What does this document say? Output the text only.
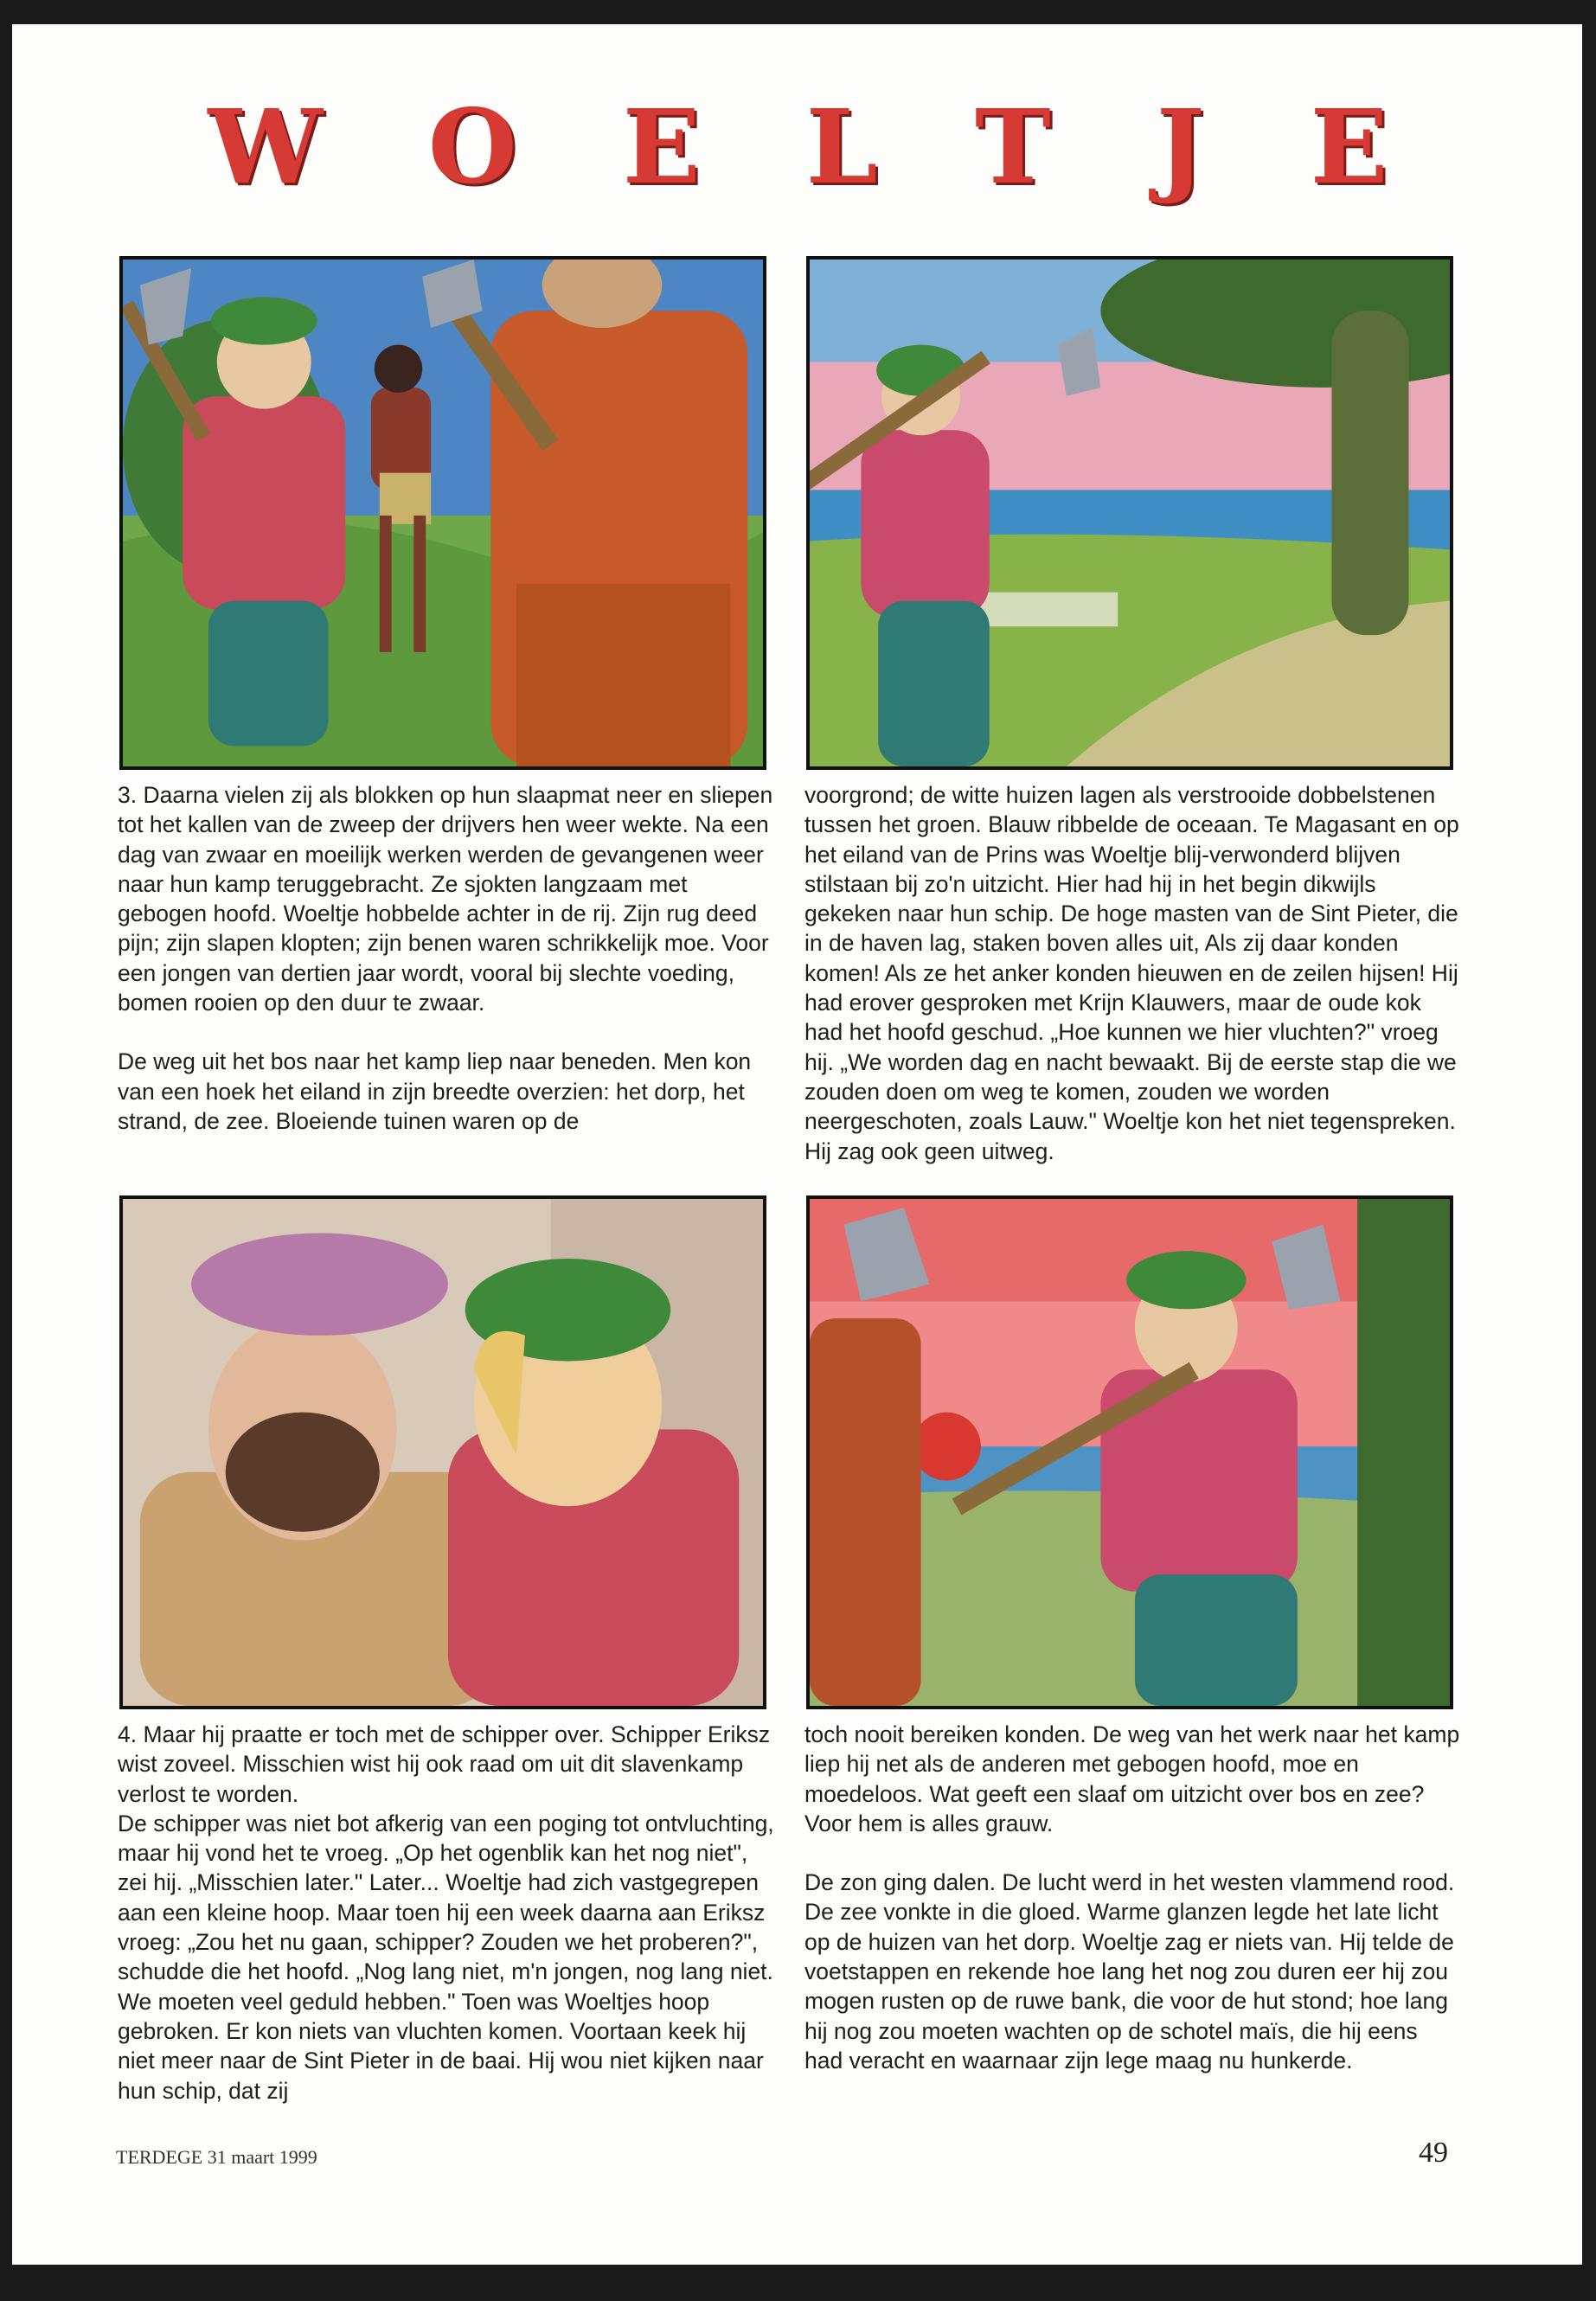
WOELTJE

3. Daarna vielen zij als blokken op hun slaapmat neer en sliepen tot het kallen van de zweep der drijvers hen weer wekte. Na een dag van zwaar en moeilijk werken werden de gevangenen weer naar hun kamp teruggebracht. Ze sjokten langzaam met gebogen hoofd. Woeltje hobbelde achter in de rij. Zijn rug deed pijn; zijn slapen klopten; zijn benen waren schrikkelijk moe. Voor een jongen van dertien jaar wordt, vooral bij slechte voeding, bomen rooien op den duur te zwaar.

De weg uit het bos naar het kamp liep naar beneden. Men kon van een hoek het eiland in zijn breedte overzien: het dorp, het strand, de zee. Bloeiende tuinen waren op de

voorgrond; de witte huizen lagen als verstrooide dobbelstenen tussen het groen. Blauw ribbelde de oceaan. Te Magasant en op het eiland van de Prins was Woeltje blij-verwonderd blijven stilstaan bij zo'n uitzicht. Hier had hij in het begin dikwijls gekeken naar hun schip. De hoge masten van de Sint Pieter, die in de haven lag, staken boven alles uit, Als zij daar konden komen! Als ze het anker konden hieuwen en de zeilen hijsen! Hij had erover gesproken met Krijn Klauwers, maar de oude kok had het hoofd geschud. „Hoe kunnen we hier vluchten?" vroeg hij. „We worden dag en nacht bewaakt. Bij de eerste stap die we zouden doen om weg te komen, zouden we worden neergeschoten, zoals Lauw." Woeltje kon het niet tegenspreken. Hij zag ook geen uitweg.

4. Maar hij praatte er toch met de schipper over. Schipper Eriksz wist zoveel. Misschien wist hij ook raad om uit dit slavenkamp verlost te worden.

De schipper was niet bot afkerig van een poging tot ontvluchting, maar hij vond het te vroeg. „Op het ogenblik kan het nog niet", zei hij. „Misschien later." Later... Woeltje had zich vastgegrepen aan een kleine hoop. Maar toen hij een week daarna aan Eriksz vroeg: „Zou het nu gaan, schipper? Zouden we het proberen?", schudde die het hoofd. „Nog lang niet, m'n jongen, nog lang niet. We moeten veel geduld hebben." Toen was Woeltjes hoop gebroken. Er kon niets van vluchten komen. Voortaan keek hij niet meer naar de Sint Pieter in de baai. Hij wou niet kijken naar hun schip, dat zij

toch nooit bereiken konden. De weg van het werk naar het kamp liep hij net als de anderen met gebogen hoofd, moe en moedeloos. Wat geeft een slaaf om uitzicht over bos en zee? Voor hem is alles grauw.

De zon ging dalen. De lucht werd in het westen vlammend rood. De zee vonkte in die gloed. Warme glanzen legde het late licht op de huizen van het dorp. Woeltje zag er niets van. Hij telde de voetstappen en rekende hoe lang het nog zou duren eer hij zou mogen rusten op de ruwe bank, die voor de hut stond; hoe lang hij nog zou moeten wachten op de schotel maïs, die hij eens had veracht en waarnaar zijn lege maag nu hunkerde.

TERDEGE 31 maart 1999	49
